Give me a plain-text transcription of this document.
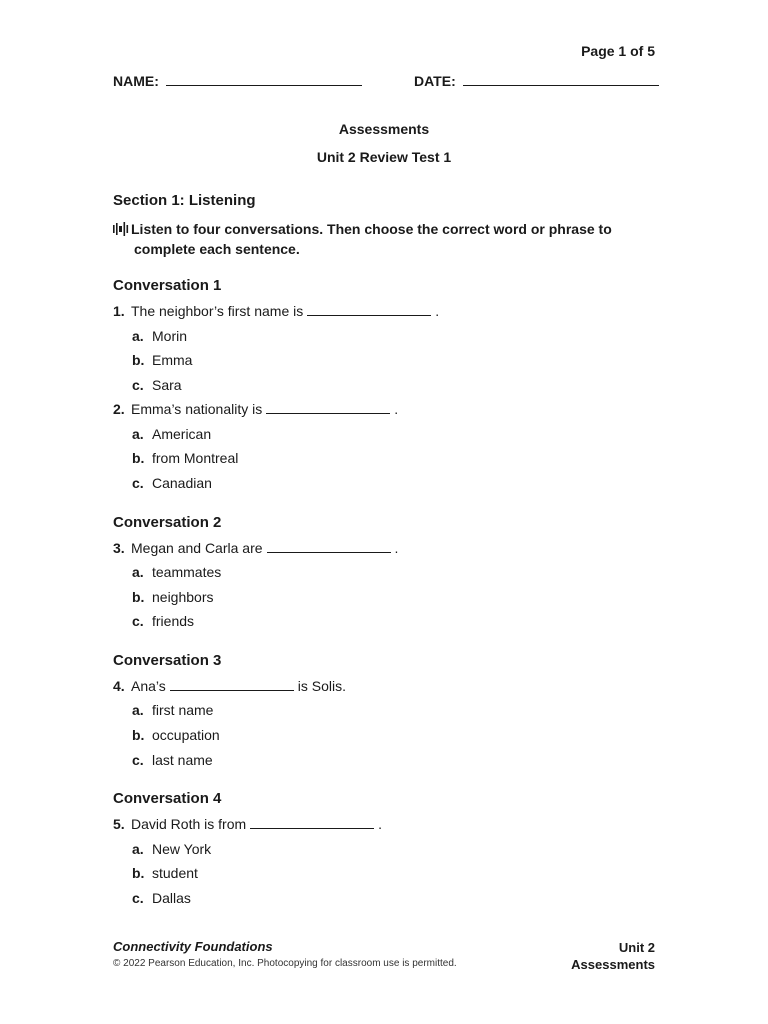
Page 1 of 5
NAME:	DATE:
Assessments
Unit 2 Review Test 1
Section 1: Listening
Listen to four conversations. Then choose the correct word or phrase to
complete each sentence.
Conversation 1
1. The neighbor’s first name is	.
a. Morin
b. Emma
c. Sara
2. Emma’s nationality is	.
a. American
b. from Montreal
c. Canadian
Conversation 2
3. Megan and Carla are	.
a. teammates
b. neighbors
c. friends
Conversation 3
4. Ana’s	is Solis.
a. first name
b. occupation
c. last name
Conversation 4
5. David Roth is from	.
a. New York
b. student
c. Dallas
Connectivity Foundations
© 2022 Pearson Education, Inc. Photocopying for classroom use is permitted.
Unit 2
Assessments
